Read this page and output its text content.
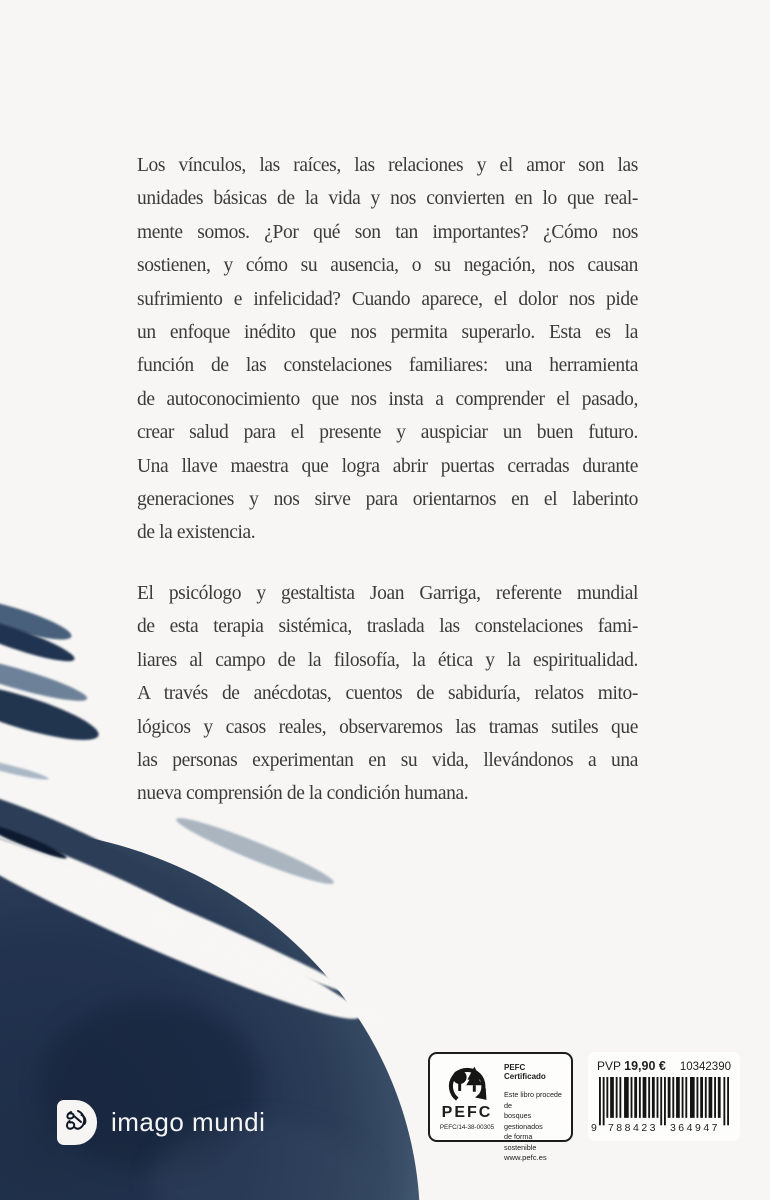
Los vínculos, las raíces, las relaciones y el amor son las
unidades básicas de la vida y nos convierten en lo que real-
mente somos. ¿Por qué son tan importantes? ¿Cómo nos
sostienen, y cómo su ausencia, o su negación, nos causan
sufrimiento e infelicidad? Cuando aparece, el dolor nos pide
un enfoque inédito que nos permita superarlo. Esta es la
función de las constelaciones familiares: una herramienta
de autoconocimiento que nos insta a comprender el pasado,
crear salud para el presente y auspiciar un buen futuro.
Una llave maestra que logra abrir puertas cerradas durante
generaciones y nos sirve para orientarnos en el laberinto
de la existencia.
El psicólogo y gestaltista Joan Garriga, referente mundial
de esta terapia sistémica, traslada las constelaciones fami-
liares al campo de la filosofía, la ética y la espiritualidad.
A través de anécdotas, cuentos de sabiduría, relatos mito-
lógicos y casos reales, observaremos las tramas sutiles que
las personas experimentan en su vida, llevándonos a una
nueva comprensión de la condición humana.
imago mundi	PEFC
PEFC/14-38-00305
PEFC Certificado
Este libro procede de
bosques gestionados
de forma sostenible
www.pefc.es
PVP 19,90 € 10342390
9 788423 364947
